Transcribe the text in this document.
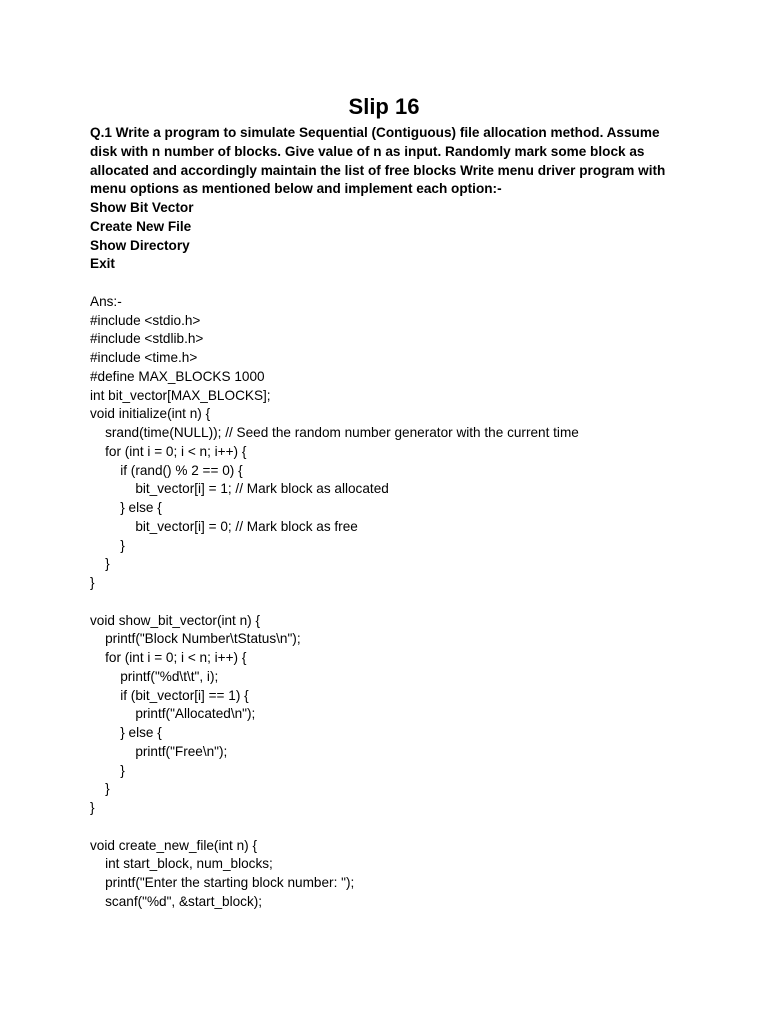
Slip 16
Q.1 Write a program to simulate Sequential (Contiguous) file allocation method. Assume
disk with n number of blocks. Give value of n as input. Randomly mark some block as
allocated and accordingly maintain the list of free blocks Write menu driver program with
menu options as mentioned below and implement each option:-
Show Bit Vector
Create New File
Show Directory
Exit
Ans:-
#include <stdio.h>
#include <stdlib.h>
#include <time.h>
#define MAX_BLOCKS 1000
int bit_vector[MAX_BLOCKS];
void initialize(int n) {
srand(time(NULL)); // Seed the random number generator with the current time
for (int i = 0; i < n; i++) {
if (rand() % 2 == 0) {
bit_vector[i] = 1; // Mark block as allocated
} else {
bit_vector[i] = 0; // Mark block as free
}
}
}
void show_bit_vector(int n) {
printf("Block Number\tStatus\n");
for (int i = 0; i < n; i++) {
printf("%d\t\t", i);
if (bit_vector[i] == 1) {
printf("Allocated\n");
} else {
printf("Free\n");
}
}
}
void create_new_file(int n) {
int start_block, num_blocks;
printf("Enter the starting block number: ");
scanf("%d", &start_block);
